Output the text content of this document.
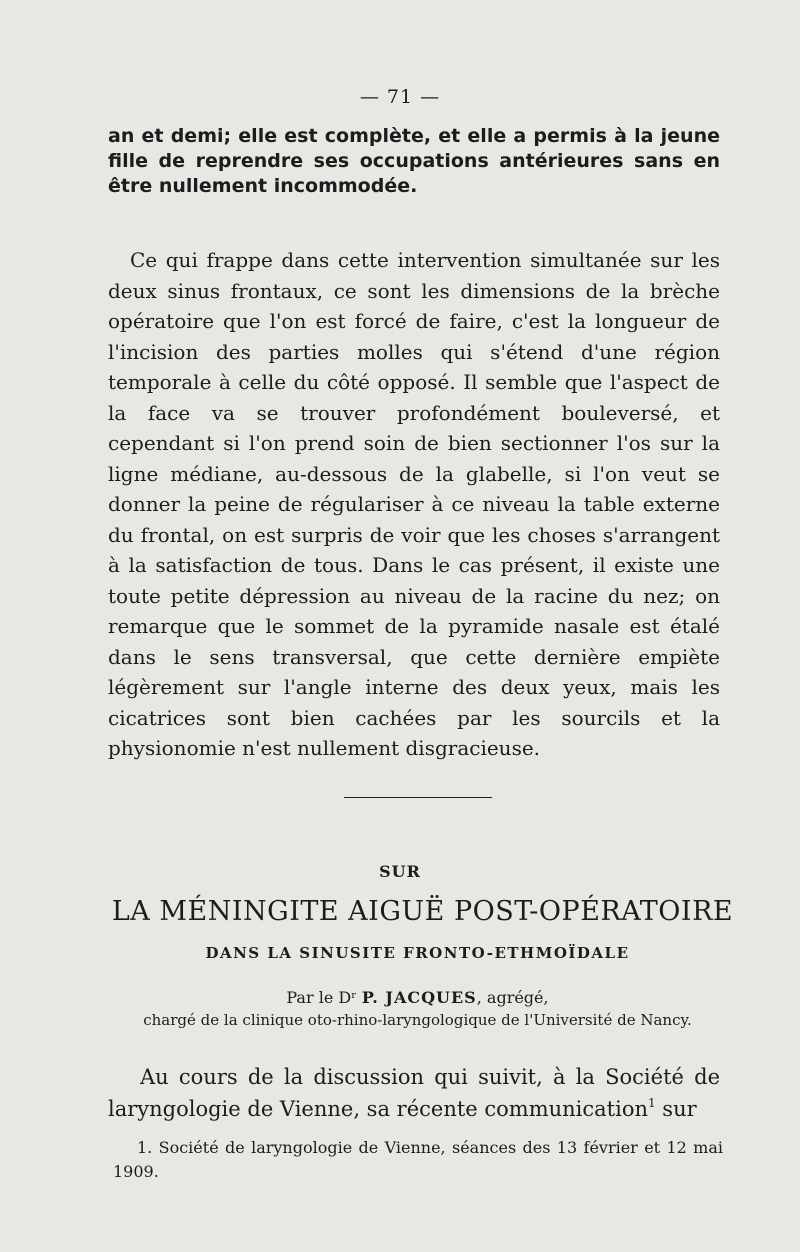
— 71 —

an et demi; elle est complète, et elle a permis à la jeune fille de reprendre ses occupations antérieures sans en être nullement incommodée.

Ce qui frappe dans cette intervention simultanée sur les deux sinus frontaux, ce sont les dimensions de la brèche opératoire que l'on est forcé de faire, c'est la longueur de l'incision des parties molles qui s'étend d'une région temporale à celle du côté opposé. Il semble que l'aspect de la face va se trouver profondément bouleversé, et cependant si l'on prend soin de bien sectionner l'os sur la ligne médiane, au-dessous de la glabelle, si l'on veut se donner la peine de régulariser à ce niveau la table externe du frontal, on est surpris de voir que les choses s'arrangent à la satisfaction de tous. Dans le cas présent, il existe une toute petite dépression au niveau de la racine du nez; on remarque que le sommet de la pyramide nasale est étalé dans le sens transversal, que cette dernière empiète légèrement sur l'angle interne des deux yeux, mais les cicatrices sont bien cachées par les sourcils et la physionomie n'est nullement disgracieuse.

SUR
LA MÉNINGITE AIGUË POST-OPÉRATOIRE
DANS LA SINUSITE FRONTO-ETHMOÏDALE
Par le Dʳ P. JACQUES, agrégé,
chargé de la clinique oto-rhino-laryngologique de l'Université de Nancy.

Au cours de la discussion qui suivit, à la Société de laryngologie de Vienne, sa récente communication$^1$ sur

1. Société de laryngologie de Vienne, séances des 13 février et 12 mai 1909.
